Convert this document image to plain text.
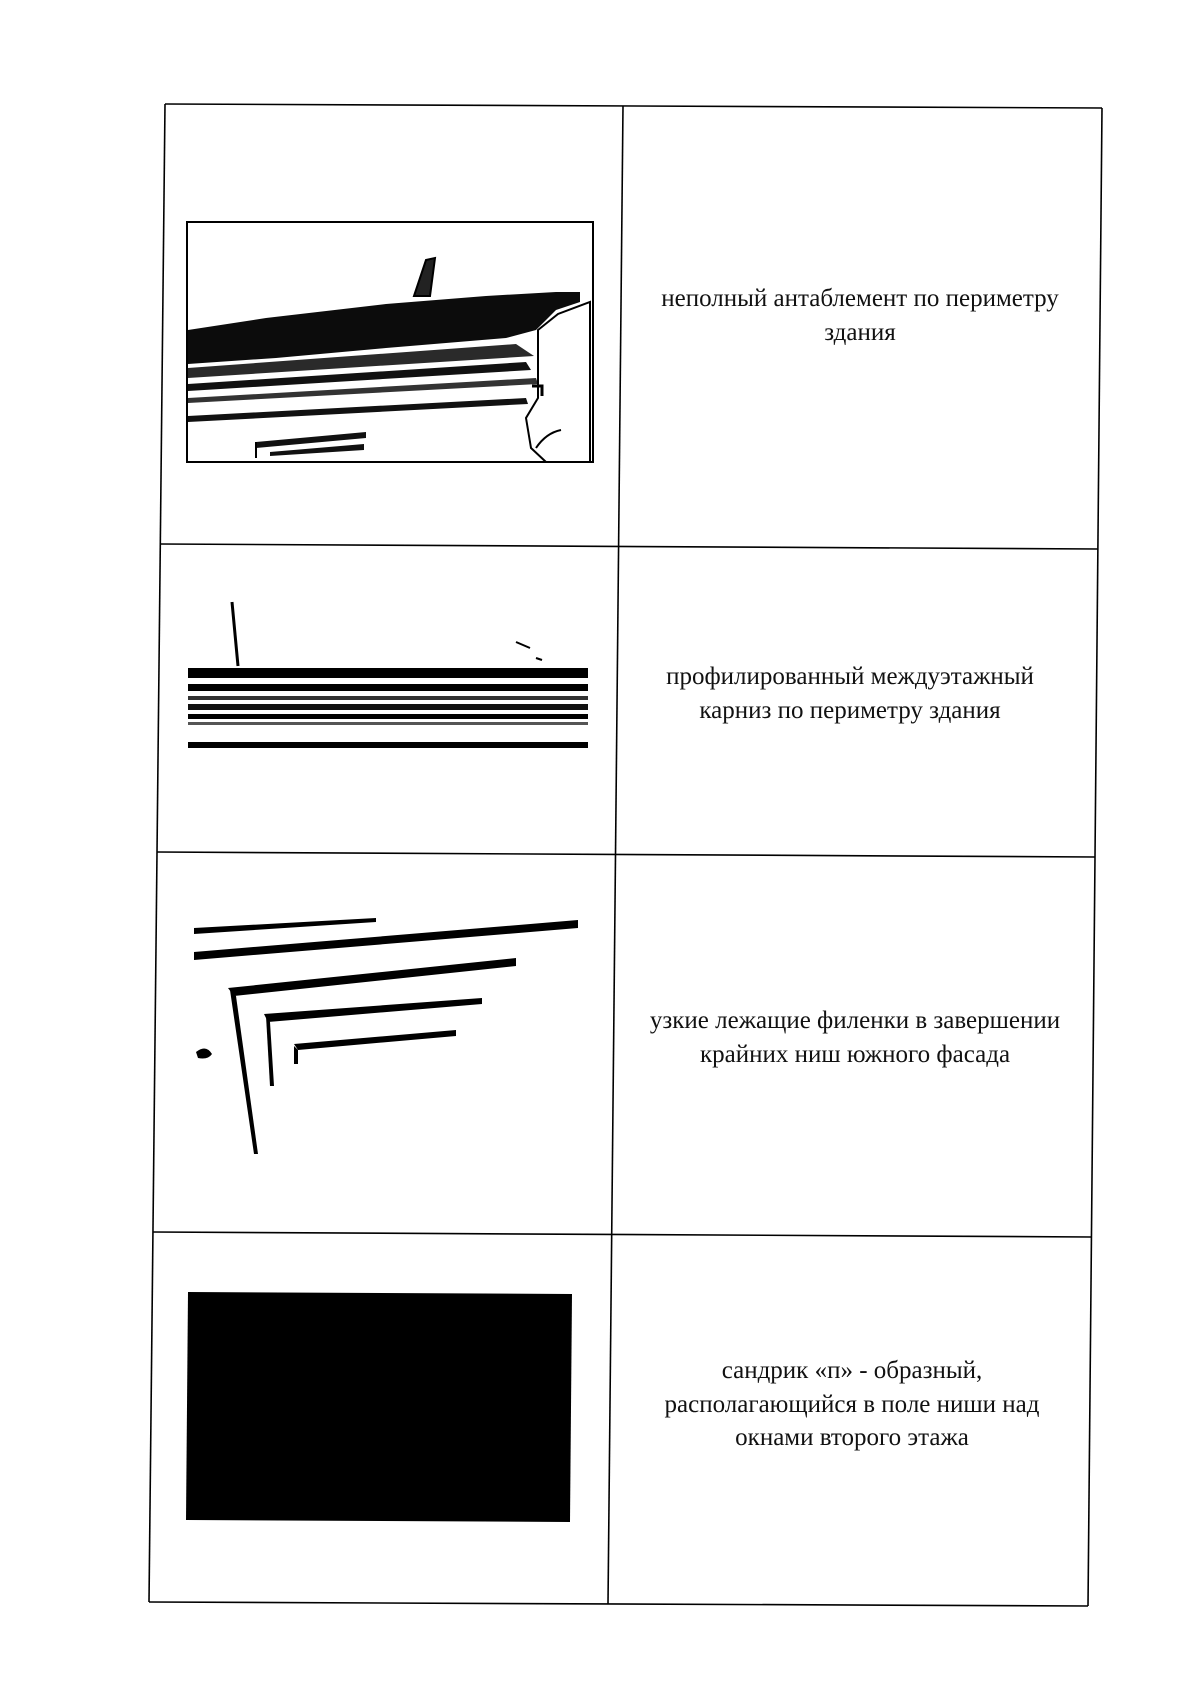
неполный антаблемент по периметру здания
профилированный междуэтажный карниз по периметру здания
узкие лежащие филенки в завершении крайних ниш южного фасада
сандрик «п» - образный, располагающийся в поле ниши над окнами второго этажа
